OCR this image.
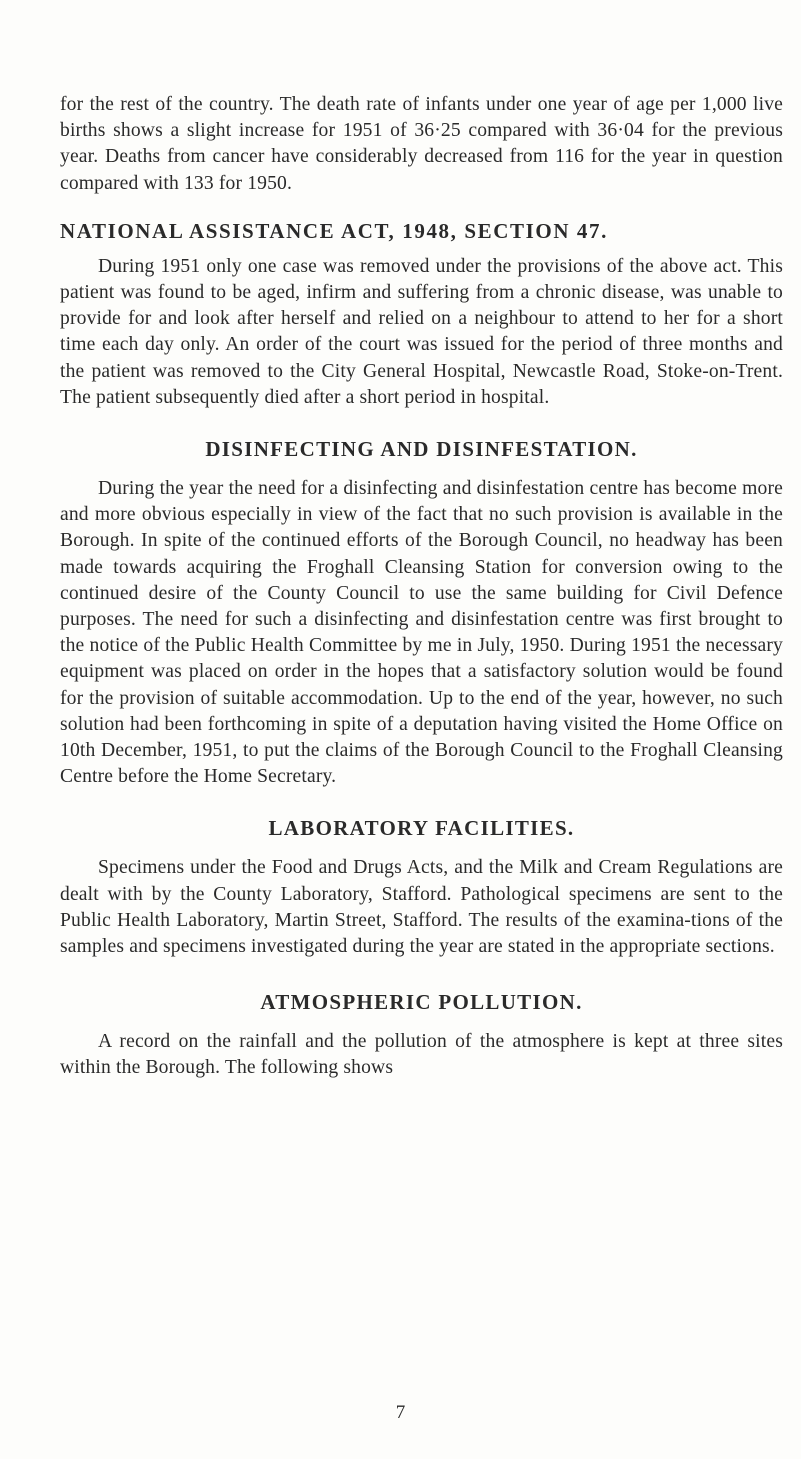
for the rest of the country. The death rate of infants under one year of age per 1,000 live births shows a slight increase for 1951 of 36·25 compared with 36·04 for the previous year. Deaths from cancer have considerably decreased from 116 for the year in question compared with 133 for 1950.

NATIONAL ASSISTANCE ACT, 1948, SECTION 47.

During 1951 only one case was removed under the provisions of the above act. This patient was found to be aged, infirm and suffering from a chronic disease, was unable to provide for and look after herself and relied on a neighbour to attend to her for a short time each day only. An order of the court was issued for the period of three months and the patient was removed to the City General Hospital, Newcastle Road, Stoke-on-Trent. The patient subsequently died after a short period in hospital.

DISINFECTING AND DISINFESTATION.

During the year the need for a disinfecting and disinfestation centre has become more and more obvious especially in view of the fact that no such provision is available in the Borough. In spite of the continued efforts of the Borough Council, no headway has been made towards acquiring the Froghall Cleansing Station for conversion owing to the continued desire of the County Council to use the same building for Civil Defence purposes. The need for such a disinfecting and disinfestation centre was first brought to the notice of the Public Health Committee by me in July, 1950. During 1951 the necessary equipment was placed on order in the hopes that a satisfactory solution would be found for the provision of suitable accommodation. Up to the end of the year, however, no such solution had been forthcoming in spite of a deputation having visited the Home Office on 10th December, 1951, to put the claims of the Borough Council to the Froghall Cleansing Centre before the Home Secretary.

LABORATORY FACILITIES.

Specimens under the Food and Drugs Acts, and the Milk and Cream Regulations are dealt with by the County Laboratory, Stafford. Pathological specimens are sent to the Public Health Laboratory, Martin Street, Stafford. The results of the examina-tions of the samples and specimens investigated during the year are stated in the appropriate sections.

ATMOSPHERIC POLLUTION.

A record on the rainfall and the pollution of the atmosphere is kept at three sites within the Borough. The following shows

7
